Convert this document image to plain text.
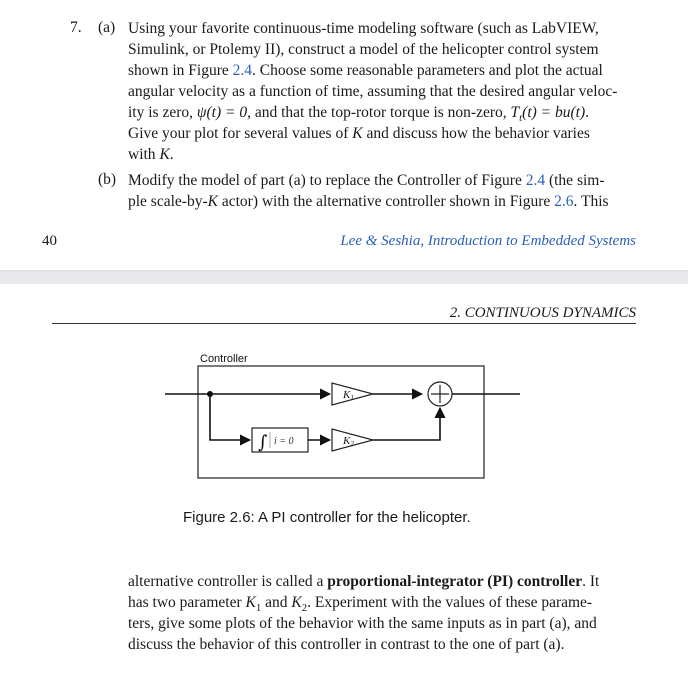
7. (a) Using your favorite continuous-time modeling software (such as LabVIEW,
Simulink, or Ptolemy II), construct a model of the helicopter control system
shown in Figure 2.4. Choose some reasonable parameters and plot the actual
angular velocity as a function of time, assuming that the desired angular veloc-
ity is zero, ψ(t) = 0, and that the top-rotor torque is non-zero, $T_t(t) = bu(t)$.
Give your plot for several values of K and discuss how the behavior varies
with K.
(b) Modify the model of part (a) to replace the Controller of Figure 2.4 (the sim-
ple scale-by-K actor) with the alternative controller shown in Figure 2.6. This
40	Lee & Seshia, Introduction to Embedded Systems
2. CONTINUOUS DYNAMICS
Controller
K1
∫ i = 0	K2
Figure 2.6: A PI controller for the helicopter.
alternative controller is called a proportional-integrator (PI) controller. It
has two parameter $K_1$ and $K_2$. Experiment with the values of these parame-
ters, give some plots of the behavior with the same inputs as in part (a), and
discuss the behavior of this controller in contrast to the one of part (a).
